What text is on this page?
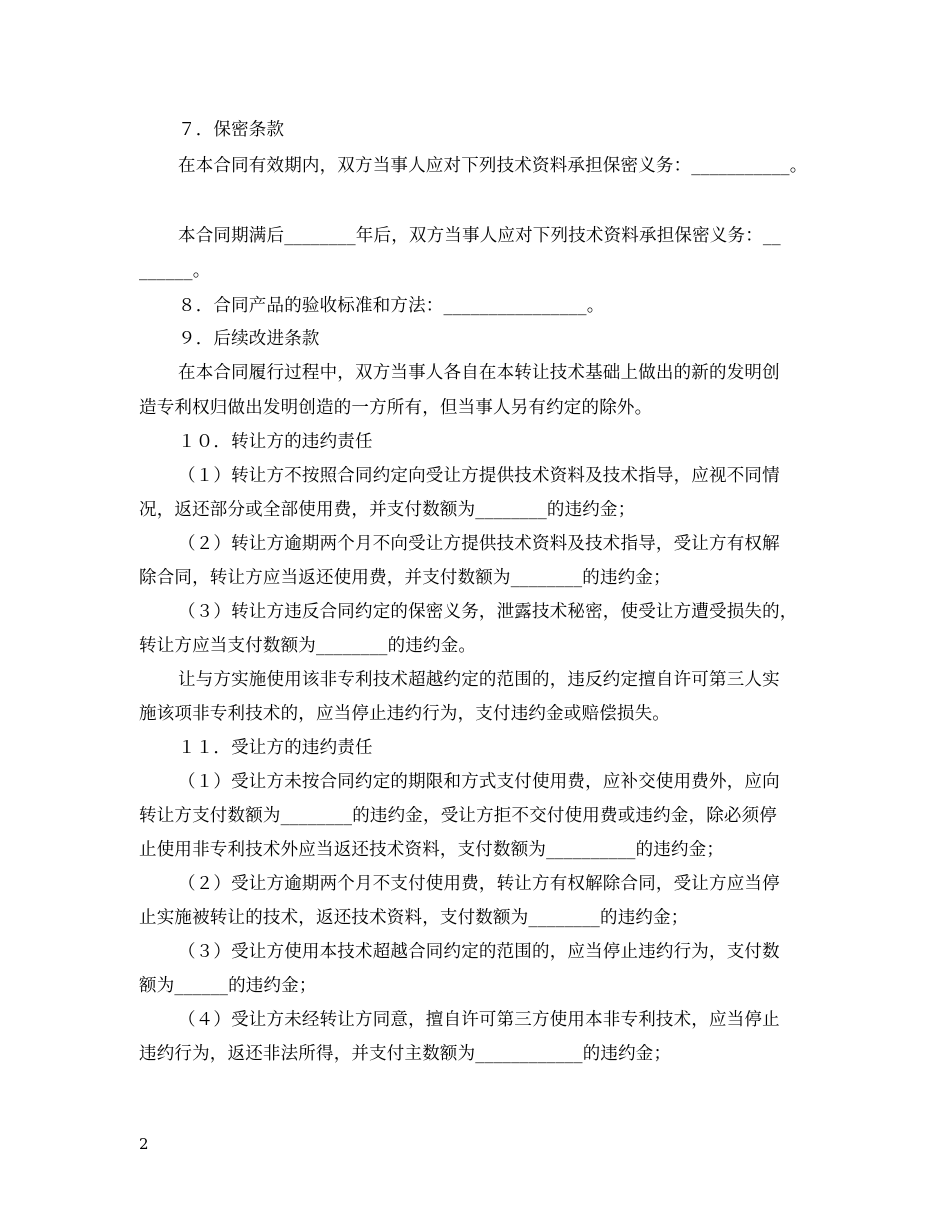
７．保密条款
在本合同有效期内，双方当事人应对下列技术资料承担保密义务：___________。
本合同期满后________年后，双方当事人应对下列技术资料承担保密义务：__
______。
８．合同产品的验收标准和方法：________________。
９．后续改进条款
在本合同履行过程中，双方当事人各自在本转让技术基础上做出的新的发明创
造专利权归做出发明创造的一方所有，但当事人另有约定的除外。
１０．转让方的违约责任
（１）转让方不按照合同约定向受让方提供技术资料及技术指导，应视不同情
况，返还部分或全部使用费，并支付数额为________的违约金；
（２）转让方逾期两个月不向受让方提供技术资料及技术指导，受让方有权解
除合同，转让方应当返还使用费，并支付数额为________的违约金；
（３）转让方违反合同约定的保密义务，泄露技术秘密，使受让方遭受损失的，
转让方应当支付数额为________的违约金。
让与方实施使用该非专利技术超越约定的范围的，违反约定擅自许可第三人实
施该项非专利技术的，应当停止违约行为，支付违约金或赔偿损失。
１１．受让方的违约责任
（１）受让方未按合同约定的期限和方式支付使用费，应补交使用费外，应向
转让方支付数额为________的违约金，受让方拒不交付使用费或违约金，除必须停
止使用非专利技术外应当返还技术资料，支付数额为__________的违约金；
（２）受让方逾期两个月不支付使用费，转让方有权解除合同，受让方应当停
止实施被转让的技术，返还技术资料，支付数额为________的违约金；
（３）受让方使用本技术超越合同约定的范围的，应当停止违约行为，支付数
额为______的违约金；
（４）受让方未经转让方同意，擅自许可第三方使用本非专利技术，应当停止
违约行为，返还非法所得，并支付主数额为____________的违约金；
2
